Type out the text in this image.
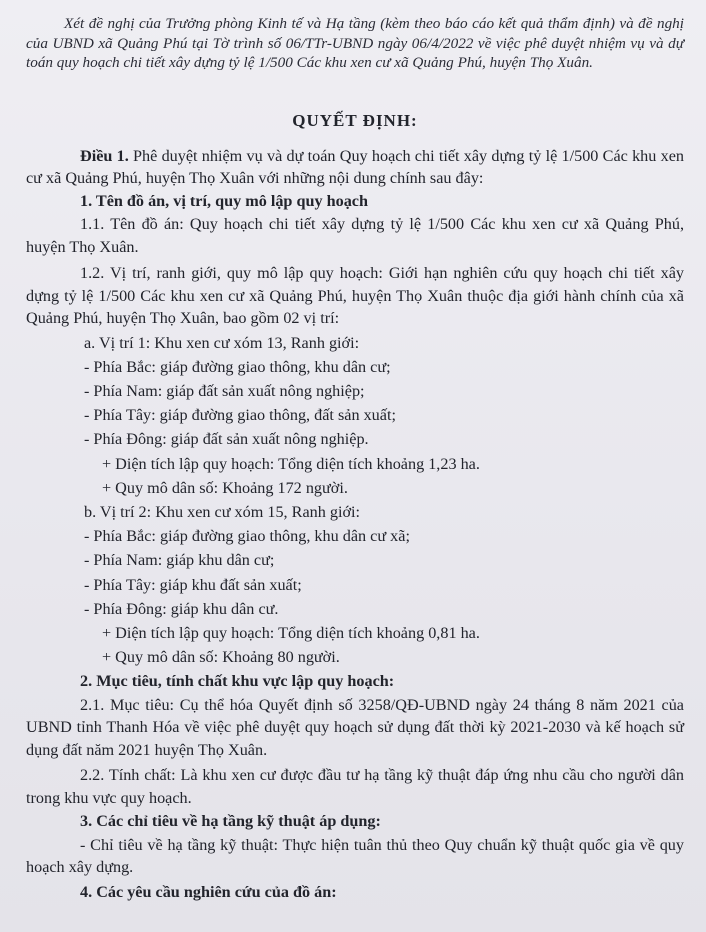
Xét đề nghị của Trưởng phòng Kinh tế và Hạ tầng (kèm theo báo cáo kết quả thẩm định) và đề nghị của UBND xã Quảng Phú tại Tờ trình số 06/TTr-UBND ngày 06/4/2022 về việc phê duyệt nhiệm vụ và dự toán quy hoạch chi tiết xây dựng tỷ lệ 1/500 Các khu xen cư xã Quảng Phú, huyện Thọ Xuân.

QUYẾT ĐỊNH:

Điều 1. Phê duyệt nhiệm vụ và dự toán Quy hoạch chi tiết xây dựng tỷ lệ 1/500 Các khu xen cư xã Quảng Phú, huyện Thọ Xuân với những nội dung chính sau đây:

1. Tên đồ án, vị trí, quy mô lập quy hoạch

1.1. Tên đồ án: Quy hoạch chi tiết xây dựng tỷ lệ 1/500 Các khu xen cư xã Quảng Phú, huyện Thọ Xuân.

1.2. Vị trí, ranh giới, quy mô lập quy hoạch: Giới hạn nghiên cứu quy hoạch chi tiết xây dựng tỷ lệ 1/500 Các khu xen cư xã Quảng Phú, huyện Thọ Xuân thuộc địa giới hành chính của xã Quảng Phú, huyện Thọ Xuân, bao gồm 02 vị trí:

a. Vị trí 1: Khu xen cư xóm 13, Ranh giới:
- Phía Bắc: giáp đường giao thông, khu dân cư;
- Phía Nam: giáp đất sản xuất nông nghiệp;
- Phía Tây: giáp đường giao thông, đất sản xuất;
- Phía Đông: giáp đất sản xuất nông nghiệp.
+ Diện tích lập quy hoạch: Tổng diện tích khoảng 1,23 ha.
+ Quy mô dân số: Khoảng 172 người.
b. Vị trí 2: Khu xen cư xóm 15, Ranh giới:
- Phía Bắc: giáp đường giao thông, khu dân cư xã;
- Phía Nam: giáp khu dân cư;
- Phía Tây: giáp khu đất sản xuất;
- Phía Đông: giáp khu dân cư.
+ Diện tích lập quy hoạch: Tổng diện tích khoảng 0,81 ha.
+ Quy mô dân số: Khoảng 80 người.
2. Mục tiêu, tính chất khu vực lập quy hoạch:

2.1. Mục tiêu: Cụ thể hóa Quyết định số 3258/QĐ-UBND ngày 24 tháng 8 năm 2021 của UBND tỉnh Thanh Hóa về việc phê duyệt quy hoạch sử dụng đất thời kỳ 2021-2030 và kế hoạch sử dụng đất năm 2021 huyện Thọ Xuân.

2.2. Tính chất: Là khu xen cư được đầu tư hạ tầng kỹ thuật đáp ứng nhu cầu cho người dân trong khu vực quy hoạch.

3. Các chỉ tiêu về hạ tầng kỹ thuật áp dụng:

- Chỉ tiêu về hạ tầng kỹ thuật: Thực hiện tuân thủ theo Quy chuẩn kỹ thuật quốc gia về quy hoạch xây dựng.

4. Các yêu cầu nghiên cứu của đồ án:
